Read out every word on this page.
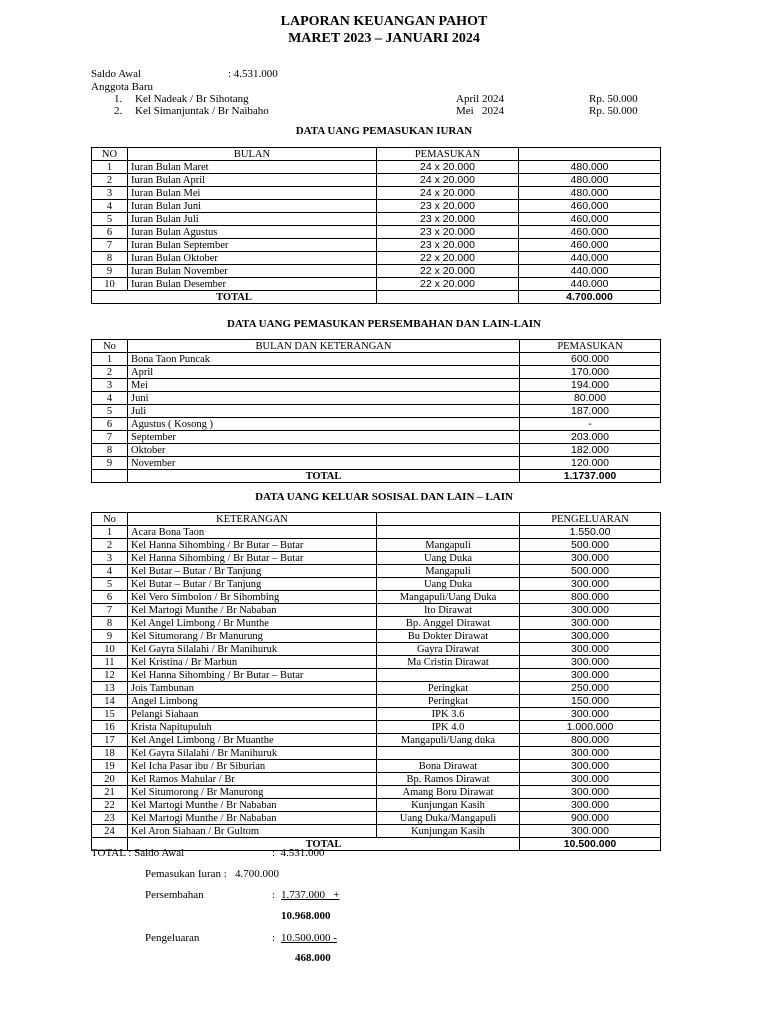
LAPORAN KEUANGAN PAHOT
MARET 2023 – JANUARI 2024
Saldo Awal	: 4.531.000
Anggota Baru
1. Kel Nadeak / Br Sihotang	April 2024	Rp. 50.000
2. Kel Simanjuntak / Br Naibaho	Mei   2024	Rp. 50.000
DATA UANG PEMASUKAN IURAN
NO	BULAN	PEMASUKAN	
1	Iuran Bulan Maret	24 x 20.000	480.000
2	Iuran Bulan April	24 x 20.000	480.000
3	Iuran Bulan Mei	24 x 20.000	480.000
4	Iuran Bulan Juni	23 x 20.000	460.000
5	Iuran Bulan Juli	23 x 20.000	460.000
6	Iuran Bulan Agustus	23 x 20.000	460.000
7	Iuran Bulan September	23 x 20.000	460.000
8	Iuran Bulan Oktober	22 x 20.000	440.000
9	Iuran Bulan November	22 x 20.000	440.000
10	Iuran Bulan Desember	22 x 20.000	440.000
TOTAL			4.700.000
DATA UANG PEMASUKAN PERSEMBAHAN DAN LAIN-LAIN
No	BULAN DAN KETERANGAN	PEMASUKAN
1	Bona Taon Puncak	600.000
2	April	170.000
3	Mei	194.000
4	Juni	80.000
5	Juli	187.000
6	Agustus ( Kosong )	-
7	September	203.000
8	Oktober	182.000
9	November	120.000
	TOTAL	1.1737.000
DATA UANG KELUAR SOSISAL DAN LAIN – LAIN
No	KETERANGAN		PENGELUARAN
1	Acara Bona Taon		1.550.00
2	Kel Hanna Sihombing / Br Butar – Butar	Mangapuli	500.000
3	Kel Hanna Sihombing / Br Butar – Butar	Uang Duka	300.000
4	Kel Butar – Butar / Br Tanjung	Mangapuli	500.000
5	Kel Butar – Butar / Br Tanjung	Uang Duka	300.000
6	Kel Vero Simbolon / Br Sihombing	Mangapuli/Uang Duka	800.000
7	Kel Martogi Munthe / Br Nababan	Ito Dirawat	300.000
8	Kel Angel Limbong / Br Munthe	Bp. Anggel Dirawat	300.000
9	Kel Situmorang / Br Manurung	Bu Dokter Dirawat	300.000
10	Kel Gayra Silalahi / Br Manihuruk	Gayra Dirawat	300.000
11	Kel Kristina / Br Marbun	Ma Cristin Dirawat	300.000
12	Kel Hanna Sihombing / Br Butar – Butar		300.000
13	Jois Tambunan	Peringkat	250.000
14	Angel Limbong	Peringkat	150.000
15	Pelangi Siahaan	IPK 3.6	300.000
16	Krista Napitupuluh	IPK 4.0	1.000.000
17	Kel Angel Limbong / Br Muanthe	Mangapuli/Uang duka	800.000
18	Kel Gayra Silalahi / Br Manihuruk		300.000
19	Kel Icha Pasar ibu / Br Siburian	Bona Dirawat	300.000
20	Kel Ramos Mahular / Br	Bp. Ramos Dirawat	300.000
21	Kel Situmorong / Br Manurong	Amang Boru Dirawat	300.000
22	Kel Martogi Munthe / Br Nababan	Kunjungan Kasih	300.000
23	Kel Martogi Munthe / Br Nababan	Uang Duka/Mangapuli	900.000
24	Kel Aron Siahaan / Br Gultom	Kunjungan Kasih	300.000
	TOTAL		10.500.000
TOTAL : Saldo Awal	:  4.531.000
Pemasukan Iuran : 4.700.000
Persembahan	: 1.737.000   +
10.968.000
Pengeluaran	: 10.500.000 -
468.000
